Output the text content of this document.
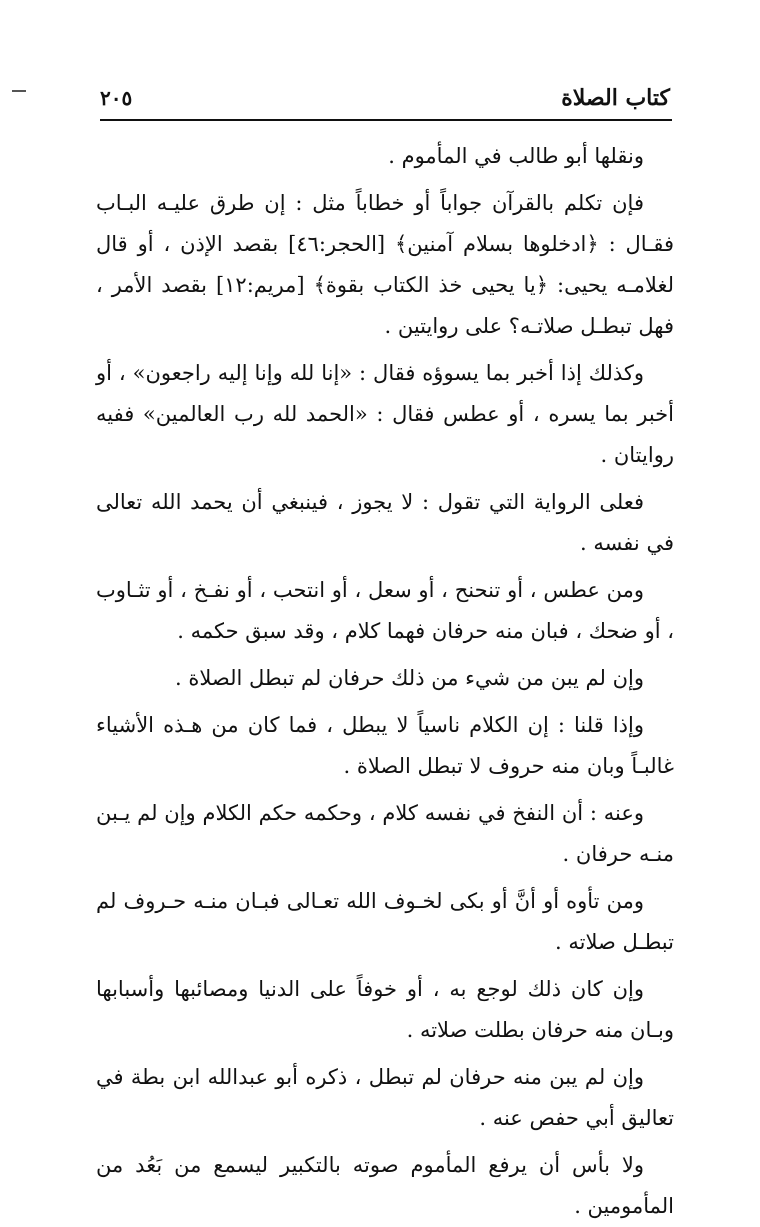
كتاب الصلاة
٢٠٥

ونقلها أبو طالب في المأموم .

فإن تكلم بالقرآن جواباً أو خطاباً مثل : إن طرق عليـه البـاب فقـال : ﴿ادخلوها بسلام آمنين﴾ [الحجر:٤٦] بقصد الإذن ، أو قال لغلامـه يحيى: ﴿يا يحيى خذ الكتاب بقوة﴾ [مريم:١٢] بقصد الأمر ، فهل تبطـل صلاتـه؟ على روايتين .

وكذلك إذا أخبر بما يسوؤه فقال : «إنا لله وإنا إليه راجعون» ، أو أخبر بما يسره ، أو عطس فقال : «الحمد لله رب العالمين» ففيه روايتان .

فعلى الرواية التي تقول : لا يجوز ، فينبغي أن يحمد الله تعالى في نفسه .

ومن عطس ، أو تنحنح ، أو سعل ، أو انتحب ، أو نفـخ ، أو تثـاوب ، أو ضحك ، فبان منه حرفان فهما كلام ، وقد سبق حكمه .

وإن لم يبن من شيء من ذلك حرفان لم تبطل الصلاة .

وإذا قلنا : إن الكلام ناسياً لا يبطل ، فما كان من هـذه الأشياء غالبـاً وبان منه حروف لا تبطل الصلاة .

وعنه : أن النفخ في نفسه كلام ، وحكمه حكم الكلام وإن لم يـبن منـه حرفان .

ومن تأوه أو أنَّ أو بكى لخـوف الله تعـالى فبـان منـه حـروف لم تبطـل صلاته .

وإن كان ذلك لوجع به ، أو خوفاً على الدنيا ومصائبها وأسبابها وبـان منه حرفان بطلت صلاته .

وإن لم يبن منه حرفان لم تبطل ، ذكره أبو عبدالله ابن بطة في تعاليق أبي حفص عنه .

ولا بأس أن يرفع المأموم صوته بالتكبير ليسمع من بَعُد من المأمومين .
